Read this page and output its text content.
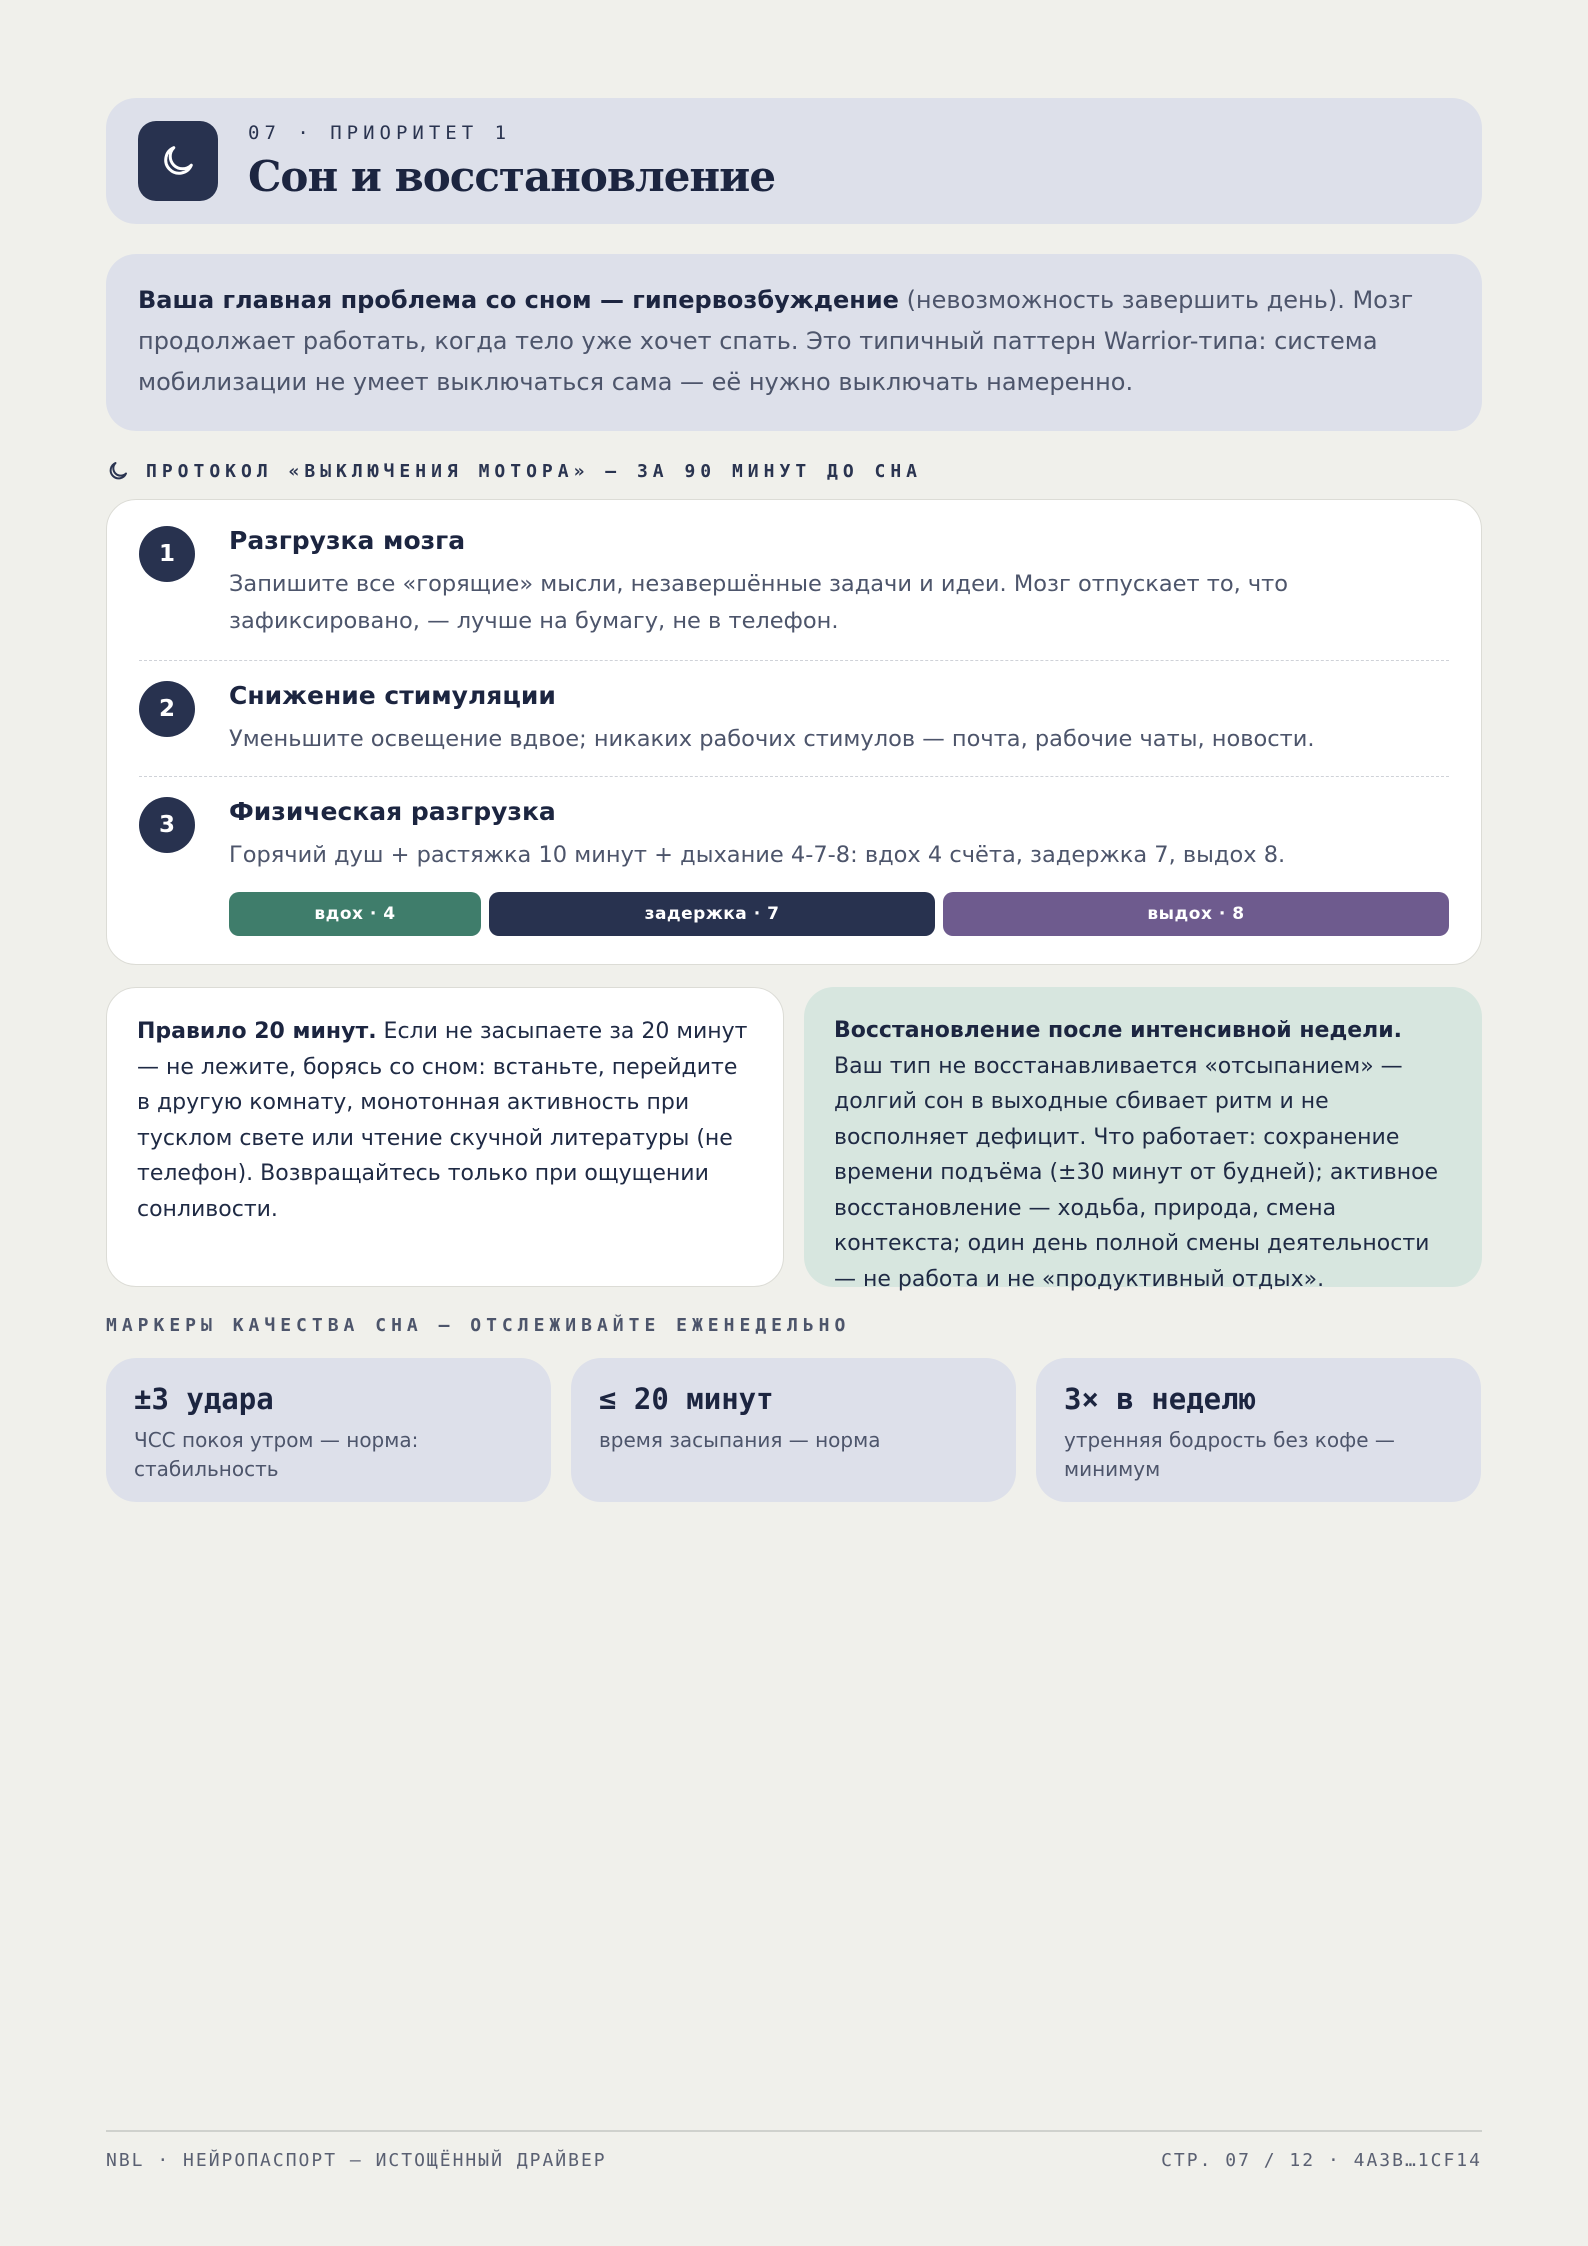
07 · ПРИОРИТЕТ 1
Сон и восстановление
Ваша главная проблема со сном — гипервозбуждение (невозможность завершить день). Мозг продолжает работать, когда тело уже хочет спать. Это типичный паттерн Warrior-типа: система мобилизации не умеет выключаться сама — её нужно выключать намеренно.
ПРОТОКОЛ «ВЫКЛЮЧЕНИЯ МОТОРА» — ЗА 90 МИНУТ ДО СНА
1	Разгрузка мозга
Запишите все «горящие» мысли, незавершённые задачи и идеи. Мозг отпускает то, что зафиксировано, — лучше на бумагу, не в телефон.
2	Снижение стимуляции
Уменьшите освещение вдвое; никаких рабочих стимулов — почта, рабочие чаты, новости.
3	Физическая разгрузка
Горячий душ + растяжка 10 минут + дыхание 4-7-8: вдох 4 счёта, задержка 7, выдох 8.
вдох · 4	задержка · 7	выдох · 8
Правило 20 минут. Если не засыпаете за 20 минут — не лежите, борясь со сном: встаньте, перейдите в другую комнату, монотонная активность при тусклом свете или чтение скучной литературы (не телефон). Возвращайтесь только при ощущении сонливости.
Восстановление после интенсивной недели. Ваш тип не восстанавливается «отсыпанием» — долгий сон в выходные сбивает ритм и не восполняет дефицит. Что работает: сохранение времени подъёма (±30 минут от будней); активное восстановление — ходьба, природа, смена контекста; один день полной смены деятельности — не работа и не «продуктивный отдых».
МАРКЕРЫ КАЧЕСТВА СНА — ОТСЛЕЖИВАЙТЕ ЕЖЕНЕДЕЛЬНО
±3 удара
ЧСС покоя утром — норма: стабильность
≤ 20 минут
время засыпания — норма
3× в неделю
утренняя бодрость без кофе — минимум
NBL · НЕЙРОПАСПОРТ — ИСТОЩЁННЫЙ ДРАЙВЕР	СТР. 07 / 12 · 4A3B…1CF14
